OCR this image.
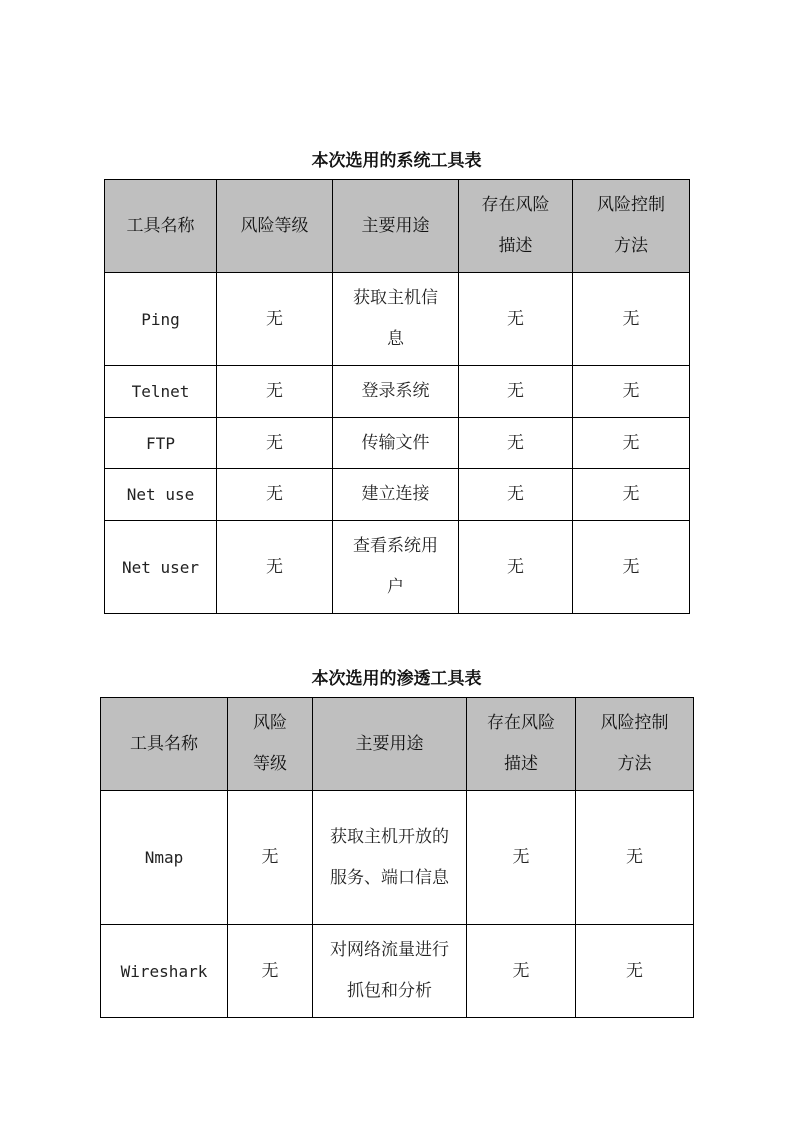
本次选用的系统工具表
工具名称	风险等级	主要用途	存在风险描述	风险控制方法
Ping	无	获取主机信息	无	无
Telnet	无	登录系统	无	无
FTP	无	传输文件	无	无
Net use	无	建立连接	无	无
Net user	无	查看系统用户	无	无
本次选用的渗透工具表
工具名称	风险等级	主要用途	存在风险描述	风险控制方法
Nmap	无	获取主机开放的服务、端口信息	无	无
Wireshark	无	对网络流量进行抓包和分析	无	无
